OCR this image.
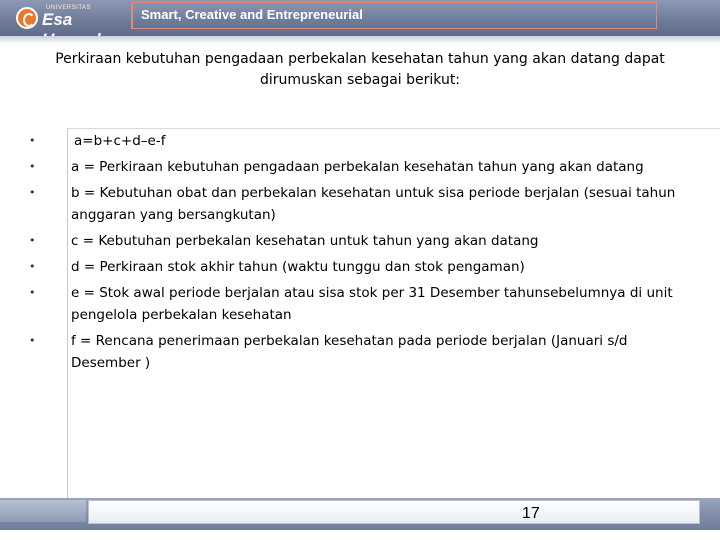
UNIVERSITAS
Esa	Smart, Creative and Entrepreneurial
Perkiraan kebutuhan pengadaan perbekalan kesehatan tahun yang akan datang dapat dirumuskan sebagai berikut:
•	a=b+c+d–e-f
•	a = Perkiraan kebutuhan pengadaan perbekalan kesehatan tahun yang akan datang
•	b = Kebutuhan obat dan perbekalan kesehatan untuk sisa periode berjalan (sesuai tahun anggaran yang bersangkutan)
•	c = Kebutuhan perbekalan kesehatan untuk tahun yang akan datang
•	d = Perkiraan stok akhir tahun (waktu tunggu dan stok pengaman)
•	e = Stok awal periode berjalan atau sisa stok per 31 Desember tahunsebelumnya di unit pengelola perbekalan kesehatan
•	f = Rencana penerimaan perbekalan kesehatan pada periode berjalan (Januari s/d Desember )
17
